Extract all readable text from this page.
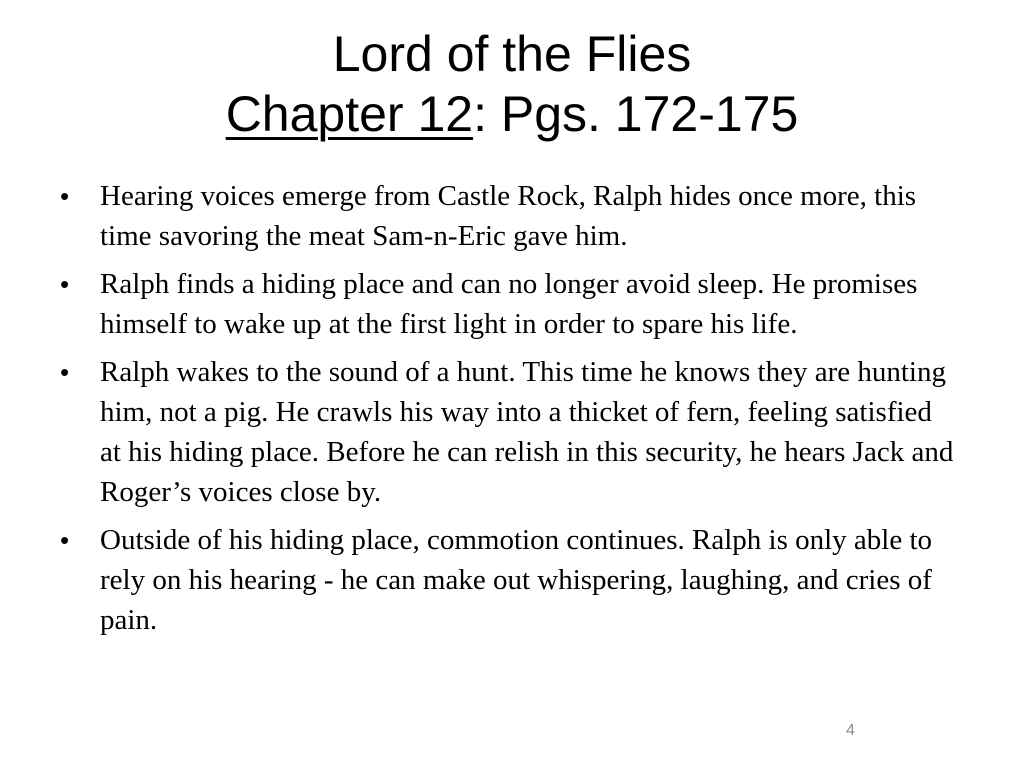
Lord of the Flies
Chapter 12: Pgs. 172-175
• Hearing voices emerge from Castle Rock, Ralph hides once more, this time savoring the meat Sam-n-Eric gave him.
• Ralph finds a hiding place and can no longer avoid sleep. He promises himself to wake up at the first light in order to spare his life.
• Ralph wakes to the sound of a hunt. This time he knows they are hunting him, not a pig. He crawls his way into a thicket of fern, feeling satisfied at his hiding place. Before he can relish in this security, he hears Jack and Roger’s voices close by.
• Outside of his hiding place, commotion continues. Ralph is only able to rely on his hearing - he can make out whispering, laughing, and cries of pain.
4
